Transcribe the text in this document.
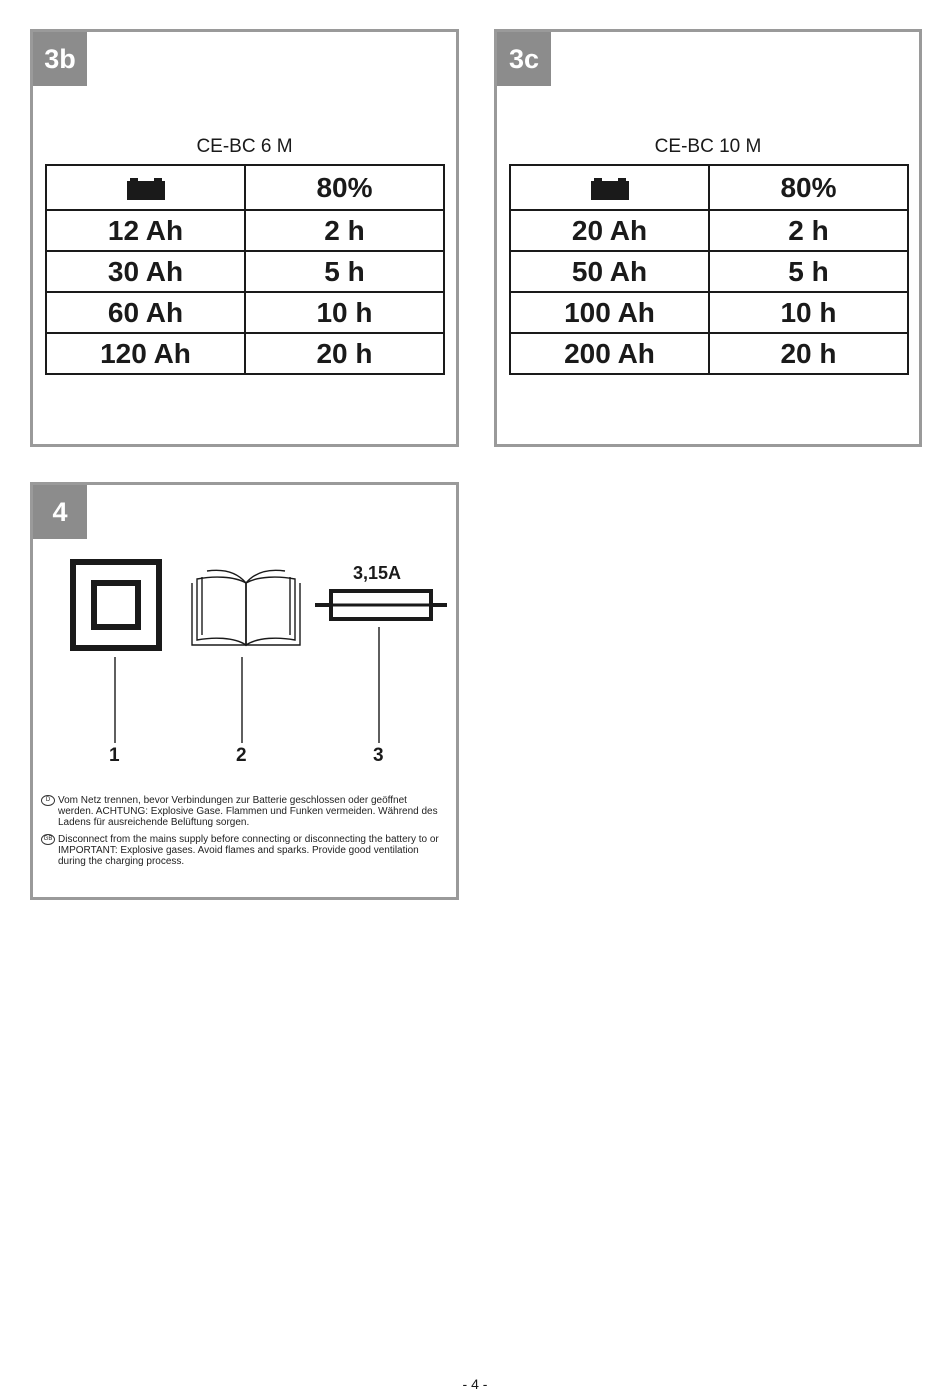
3b
CE-BC 6 M
	80%
12 Ah	2 h
30 Ah	5 h
60 Ah	10 h
120 Ah	20 h
3c
CE-BC 10 M
	80%
20 Ah	2 h
50 Ah	5 h
100 Ah	10 h
200 Ah	20 h
4
3,15A
1	2	3
D Vom Netz trennen, bevor Verbindungen zur Batterie geschlossen oder geöffnet werden. ACHTUNG: Explosive Gase. Flammen und Funken vermeiden. Während des Ladens für ausreichende Belüftung sorgen.
GB Disconnect from the mains supply before connecting or disconnecting the battery to or IMPORTANT: Explosive gases. Avoid flames and sparks. Provide good ventilation during the charging process.
- 4 -
